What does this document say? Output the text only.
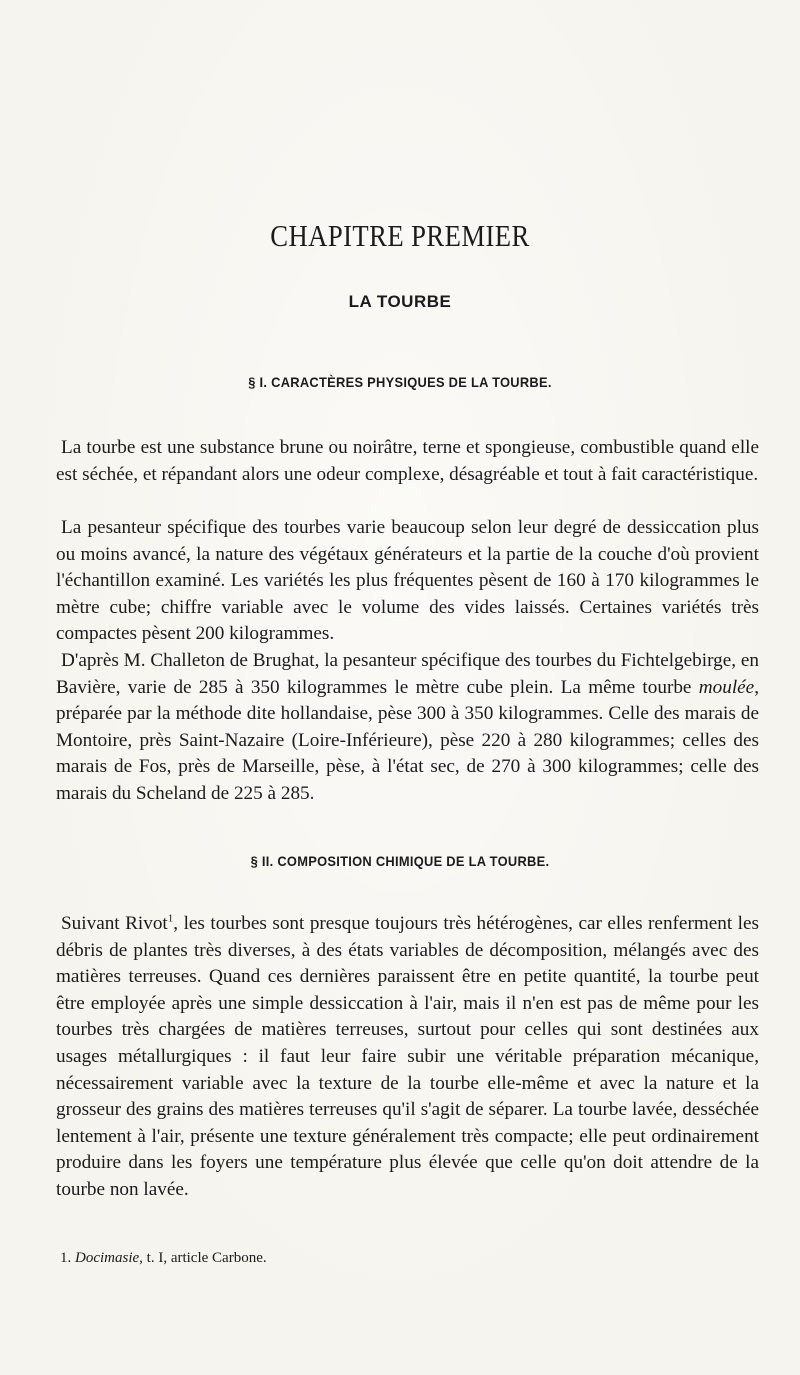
CHAPITRE PREMIER
LA TOURBE
§ I. CARACTÈRES PHYSIQUES DE LA TOURBE.

La tourbe est une substance brune ou noirâtre, terne et spongieuse, combustible quand elle est séchée, et répandant alors une odeur complexe, désagréable et tout à fait caractéristique.

La pesanteur spécifique des tourbes varie beaucoup selon leur degré de dessiccation plus ou moins avancé, la nature des végétaux générateurs et la partie de la couche d'où provient l'échantillon examiné. Les variétés les plus fréquentes pèsent de 160 à 170 kilogrammes le mètre cube; chiffre variable avec le volume des vides laissés. Certaines variétés très compactes pèsent 200 kilogrammes.

D'après M. Challeton de Brughat, la pesanteur spécifique des tourbes du Fichtelgebirge, en Bavière, varie de 285 à 350 kilogrammes le mètre cube plein. La même tourbe moulée, préparée par la méthode dite hollandaise, pèse 300 à 350 kilogrammes. Celle des marais de Montoire, près Saint-Nazaire (Loire-Inférieure), pèse 220 à 280 kilogrammes; celles des marais de Fos, près de Marseille, pèse, à l'état sec, de 270 à 300 kilogrammes; celle des marais du Scheland de 225 à 285.

§ II. COMPOSITION CHIMIQUE DE LA TOURBE.

Suivant Rivot$^1$, les tourbes sont presque toujours très hétérogènes, car elles renferment les débris de plantes très diverses, à des états variables de décomposition, mélangés avec des matières terreuses. Quand ces dernières paraissent être en petite quantité, la tourbe peut être employée après une simple dessiccation à l'air, mais il n'en est pas de même pour les tourbes très chargées de matières terreuses, surtout pour celles qui sont destinées aux usages métallurgiques : il faut leur faire subir une véritable préparation mécanique, nécessairement variable avec la texture de la tourbe elle-même et avec la nature et la grosseur des grains des matières terreuses qu'il s'agit de séparer. La tourbe lavée, desséchée lentement à l'air, présente une texture généralement très compacte; elle peut ordinairement produire dans les foyers une température plus élevée que celle qu'on doit attendre de la tourbe non lavée.

1. Docimasie, t. I, article Carbone.
